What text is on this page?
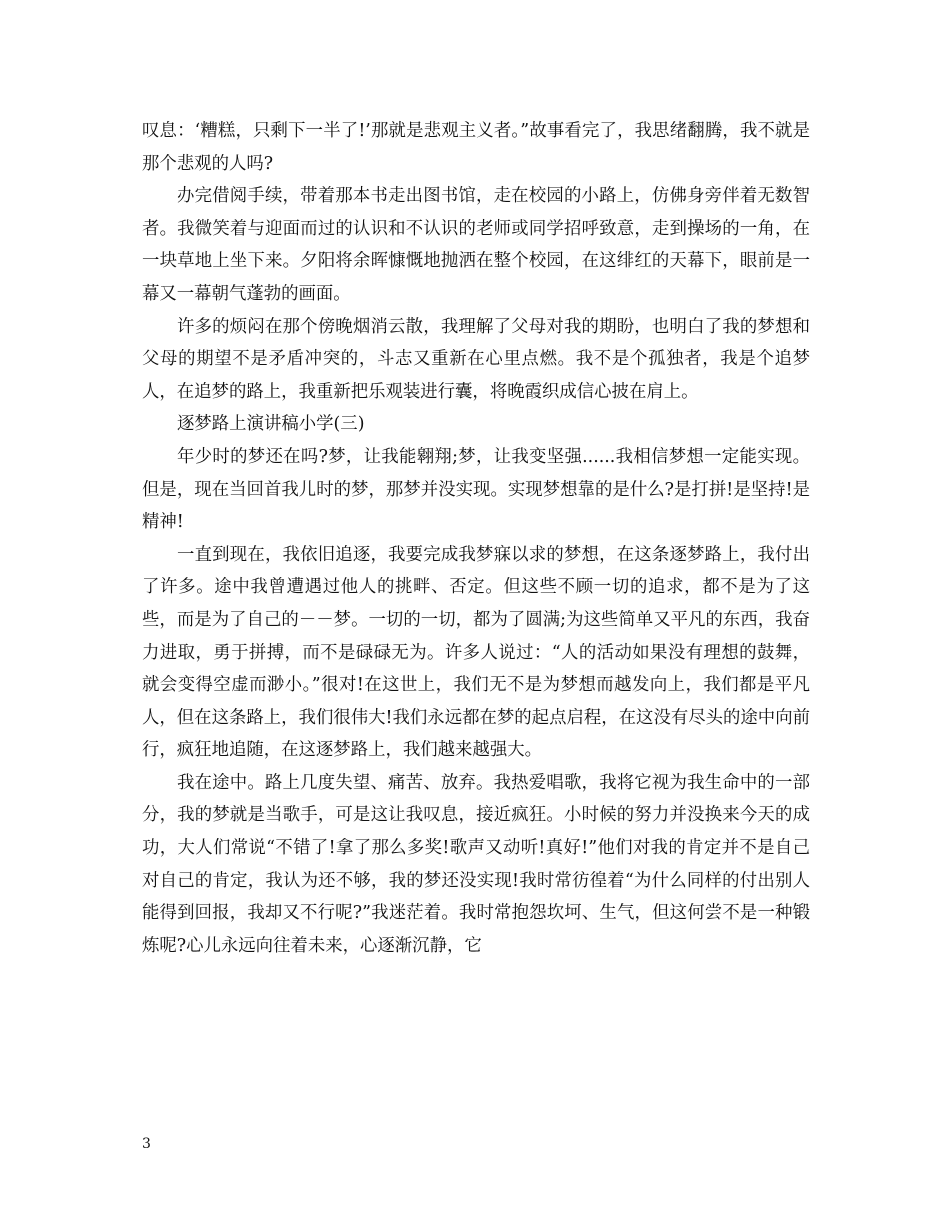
叹息：‘糟糕，只剩下一半了!’那就是悲观主义者。”故事看完了，我思绪翻腾，我不就是那个悲观的人吗?

办完借阅手续，带着那本书走出图书馆，走在校园的小路上，仿佛身旁伴着无数智者。我微笑着与迎面而过的认识和不认识的老师或同学招呼致意，走到操场的一角，在一块草地上坐下来。夕阳将余晖慷慨地抛洒在整个校园，在这绯红的天幕下，眼前是一幕又一幕朝气蓬勃的画面。

许多的烦闷在那个傍晚烟消云散，我理解了父母对我的期盼，也明白了我的梦想和父母的期望不是矛盾冲突的，斗志又重新在心里点燃。我不是个孤独者，我是个追梦人，在追梦的路上，我重新把乐观装进行囊，将晚霞织成信心披在肩上。

逐梦路上演讲稿小学(三)

年少时的梦还在吗?梦，让我能翱翔;梦，让我变坚强......我相信梦想一定能实现。但是，现在当回首我儿时的梦，那梦并没实现。实现梦想靠的是什么?是打拼!是坚持!是精神!

一直到现在，我依旧追逐，我要完成我梦寐以求的梦想，在这条逐梦路上，我付出了许多。途中我曾遭遇过他人的挑畔、否定。但这些不顾一切的追求，都不是为了这些，而是为了自己的－－梦。一切的一切，都为了圆满;为这些简单又平凡的东西，我奋力进取，勇于拼搏，而不是碌碌无为。许多人说过：“人的活动如果没有理想的鼓舞，就会变得空虚而渺小。”很对!在这世上，我们无不是为梦想而越发向上，我们都是平凡人，但在这条路上，我们很伟大!我们永远都在梦的起点启程，在这没有尽头的途中向前行，疯狂地追随，在这逐梦路上，我们越来越强大。

我在途中。路上几度失望、痛苦、放弃。我热爱唱歌，我将它视为我生命中的一部分，我的梦就是当歌手，可是这让我叹息，接近疯狂。小时候的努力并没换来今天的成功，大人们常说“不错了!拿了那么多奖!歌声又动听!真好!”他们对我的肯定并不是自己对自己的肯定，我认为还不够，我的梦还没实现!我时常彷徨着“为什么同样的付出别人能得到回报，我却又不行呢?”我迷茫着。我时常抱怨坎坷、生气，但这何尝不是一种锻炼呢?心儿永远向往着未来，心逐渐沉静，它

3
